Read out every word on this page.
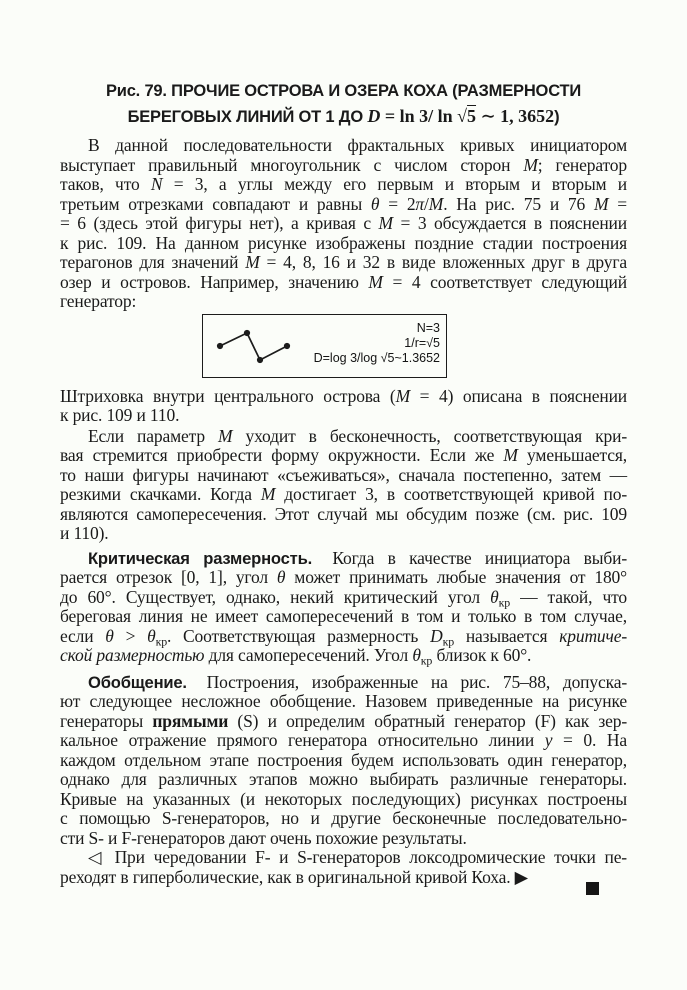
Рис. 79. ПРОЧИЕ ОСТРОВА И ОЗЕРА КОХА (РАЗМЕРНОСТИ
БЕРЕГОВЫХ ЛИНИЙ ОТ 1 ДО D = ln 3/ ln √5 ∼ 1, 3652)
В данной последовательности фрактальных кривых инициатором
выступает правильный многоугольник с числом сторон M; генератор
таков, что N = 3, а углы между его первым и вторым и вторым и
третьим отрезками совпадают и равны θ = 2π/M. На рис. 75 и 76 M =
= 6 (здесь этой фигуры нет), а кривая с M = 3 обсуждается в пояснении
к рис. 109. На данном рисунке изображены поздние стадии построения
терагонов для значений M = 4, 8, 16 и 32 в виде вложенных друг в друга
озер и островов. Например, значению M = 4 соответствует следующий
генератор:
N=3
1/r=√5
D=log 3/log √5~1.3652
Штриховка внутри центрального острова (M = 4) описана в пояснении
к рис. 109 и 110.
Если параметр M уходит в бесконечность, соответствующая кри-
вая стремится приобрести форму окружности. Если же M уменьшается,
то наши фигуры начинают «съеживаться», сначала постепенно, затем —
резкими скачками. Когда M достигает 3, в соответствующей кривой по-
являются самопересечения. Этот случай мы обсудим позже (см. рис. 109
и 110).
Критическая размерность. Когда в качестве инициатора выби-
рается отрезок [0, 1], угол θ может принимать любые значения от 180°
до 60°. Существует, однако, некий критический угол θкр — такой, что
береговая линия не имеет самопересечений в том и только в том случае,
если θ > θкр. Соответствующая размерность Dкр называется критиче-
ской размерностью для самопересечений. Угол θкр близок к 60°.
Обобщение. Построения, изображенные на рис. 75–88, допуска-
ют следующее несложное обобщение. Назовем приведенные на рисунке
генераторы прямыми (S) и определим обратный генератор (F) как зер-
кальное отражение прямого генератора относительно линии y = 0. На
каждом отдельном этапе построения будем использовать один генератор,
однако для различных этапов можно выбирать различные генераторы.
Кривые на указанных (и некоторых последующих) рисунках построены
с помощью S-генераторов, но и другие бесконечные последовательно-
сти S- и F-генераторов дают очень похожие результаты.
◁ При чередовании F- и S-генераторов локсодромические точки пе-
реходят в гиперболические, как в оригинальной кривой Коха. ▶
